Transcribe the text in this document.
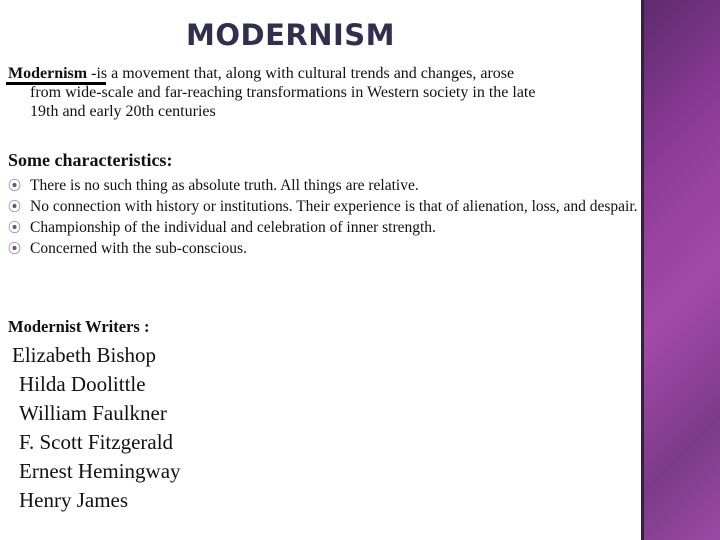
MODERNISM
Modernism -is a movement that, along with cultural trends and changes, arose
from wide-scale and far-reaching transformations in Western society in the late
19th and early 20th centuries
Some characteristics:
⦿ There is no such thing as absolute truth. All things are relative.
⦿ No connection with history or institutions. Their experience is that of alienation, loss, and despair.
⦿ Championship of the individual and celebration of inner strength.
⦿ Concerned with the sub-conscious.
Modernist Writers :
Elizabeth Bishop
Hilda Doolittle
William Faulkner
F. Scott Fitzgerald
Ernest Hemingway
Henry James
